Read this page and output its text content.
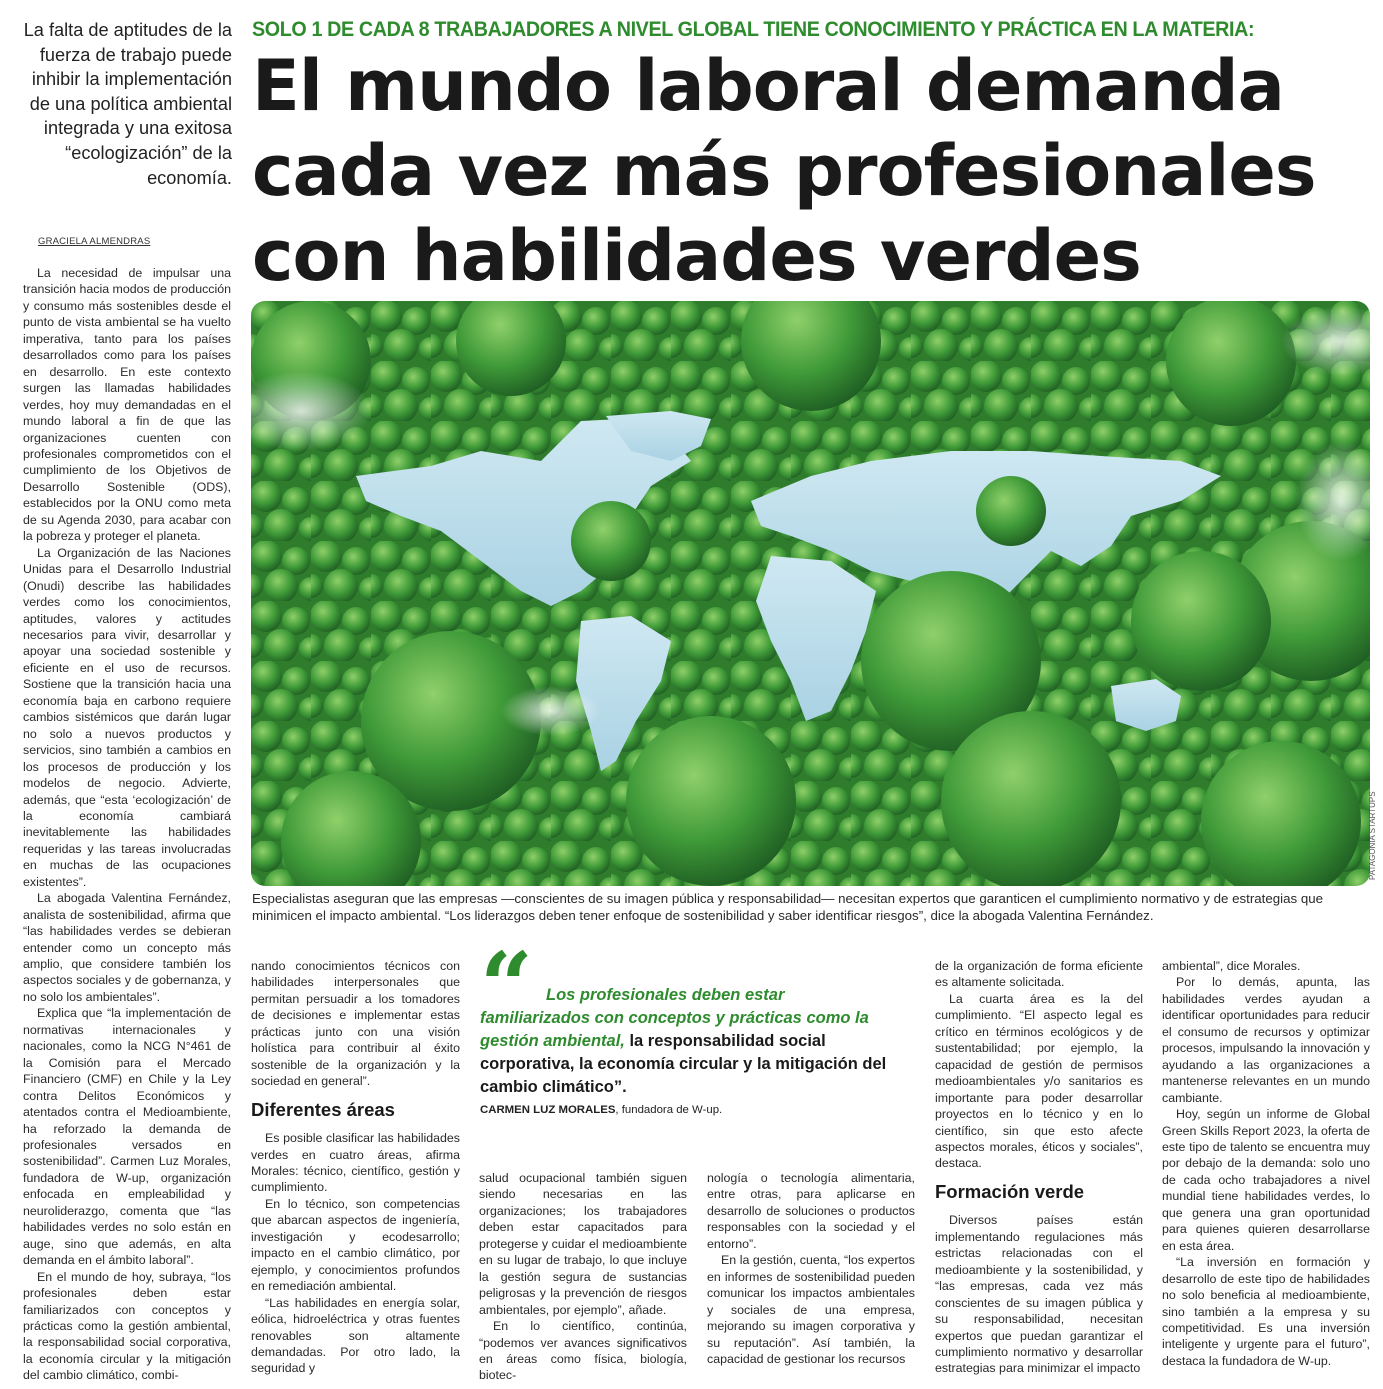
La falta de aptitudes de la fuerza de trabajo puede inhibir la implementación de una política ambiental integrada y una exitosa “ecologización” de la economía.
GRACIELA ALMENDRAS

La necesidad de impulsar una transición hacia modos de producción y consumo más sostenibles desde el punto de vista ambiental se ha vuelto imperativa, tanto para los países desarrollados como para los países en desarrollo. En este contexto surgen las llamadas habilidades verdes, hoy muy demandadas en el mundo laboral a fin de que las organizaciones cuenten con profesionales comprometidos con el cumplimiento de los Objetivos de Desarrollo Sostenible (ODS), establecidos por la ONU como meta de su Agenda 2030, para acabar con la pobreza y proteger el planeta.

La Organización de las Naciones Unidas para el Desarrollo Industrial (Onudi) describe las habilidades verdes como los conocimientos, aptitudes, valores y actitudes necesarios para vivir, desarrollar y apoyar una sociedad sostenible y eficiente en el uso de recursos. Sostiene que la transición hacia una economía baja en carbono requiere cambios sistémicos que darán lugar no solo a nuevos productos y servicios, sino también a cambios en los procesos de producción y los modelos de negocio. Advierte, además, que “esta ‘ecologización’ de la economía cambiará inevitablemente las habilidades requeridas y las tareas involucradas en muchas de las ocupaciones existentes”.

La abogada Valentina Fernández, analista de sostenibilidad, afirma que “las habilidades verdes se debieran entender como un concepto más amplio, que considere también los aspectos sociales y de gobernanza, y no solo los ambientales”.

Explica que “la implementación de normativas internacionales y nacionales, como la NCG N°461 de la Comisión para el Mercado Financiero (CMF) en Chile y la Ley contra Delitos Económicos y atentados contra el Medioambiente, ha reforzado la demanda de profesionales versados en sostenibilidad”. Carmen Luz Morales, fundadora de W-up, organización enfocada en empleabilidad y neuroliderazgo, comenta que “las habilidades verdes no solo están en auge, sino que además, en alta demanda en el ámbito laboral”.

En el mundo de hoy, subraya, “los profesionales deben estar familiarizados con conceptos y prácticas como la gestión ambiental, la responsabilidad social corporativa, la economía circular y la mitigación del cambio climático, combi-

SOLO 1 DE CADA 8 TRABAJADORES A NIVEL GLOBAL TIENE CONOCIMIENTO Y PRÁCTICA EN LA MATERIA:
El mundo laboral demanda
cada vez más profesionales
con habilidades verdes
PATAGONIA STARTUPS
Especialistas aseguran que las empresas —conscientes de su imagen pública y responsabilidad— necesitan expertos que garanticen el cumplimiento normativo y de estrategias que minimicen el impacto ambiental. “Los liderazgos deben tener enfoque de sostenibilidad y saber identificar riesgos”, dice la abogada Valentina Fernández.

nando conocimientos técnicos con habilidades interpersonales que permitan persuadir a los tomadores de decisiones e implementar estas prácticas junto con una visión holística para contribuir al éxito sostenible de la organización y la sociedad en general”.

Diferentes áreas

Es posible clasificar las habilidades verdes en cuatro áreas, afirma Morales: técnico, científico, gestión y cumplimiento.

En lo técnico, son competencias que abarcan aspectos de ingeniería, investigación y ecodesarrollo; impacto en el cambio climático, por ejemplo, y conocimientos profundos en remediación ambiental.

“Las habilidades en energía solar, eólica, hidroeléctrica y otras fuentes renovables son altamente demandadas. Por otro lado, la seguridad y

“ Los profesionales deben estar familiarizados con conceptos y prácticas como la gestión ambiental, la responsabilidad social corporativa, la economía circular y la mitigación del cambio climático”.
CARMEN LUZ MORALES, fundadora de W-up.

salud ocupacional también siguen siendo necesarias en las organizaciones; los trabajadores deben estar capacitados para protegerse y cuidar el medioambiente en su lugar de trabajo, lo que incluye la gestión segura de sustancias peligrosas y la prevención de riesgos ambientales, por ejemplo”, añade.

En lo científico, continúa, “podemos ver avances significativos en áreas como física, biología, biotec-

nología o tecnología alimentaria, entre otras, para aplicarse en desarrollo de soluciones o productos responsables con la sociedad y el entorno”.

En la gestión, cuenta, “los expertos en informes de sostenibilidad pueden comunicar los impactos ambientales y sociales de una empresa, mejorando su imagen corporativa y su reputación”. Así también, la capacidad de gestionar los recursos

de la organización de forma eficiente es altamente solicitada.

La cuarta área es la del cumplimiento. “El aspecto legal es crítico en términos ecológicos y de sustentabilidad; por ejemplo, la capacidad de gestión de permisos medioambientales y/o sanitarios es importante para poder desarrollar proyectos en lo técnico y en lo científico, sin que esto afecte aspectos morales, éticos y sociales”, destaca.

Formación verde

Diversos países están implementando regulaciones más estrictas relacionadas con el medioambiente y la sostenibilidad, y “las empresas, cada vez más conscientes de su imagen pública y su responsabilidad, necesitan expertos que puedan garantizar el cumplimiento normativo y desarrollar estrategias para minimizar el impacto

ambiental”, dice Morales.

Por lo demás, apunta, las habilidades verdes ayudan a identificar oportunidades para reducir el consumo de recursos y optimizar procesos, impulsando la innovación y ayudando a las organizaciones a mantenerse relevantes en un mundo cambiante.

Hoy, según un informe de Global Green Skills Report 2023, la oferta de este tipo de talento se encuentra muy por debajo de la demanda: solo uno de cada ocho trabajadores a nivel mundial tiene habilidades verdes, lo que genera una gran oportunidad para quienes quieren desarrollarse en esta área.

“La inversión en formación y desarrollo de este tipo de habilidades no solo beneficia al medioambiente, sino también a la empresa y su competitividad. Es una inversión inteligente y urgente para el futuro”, destaca la fundadora de W-up.
